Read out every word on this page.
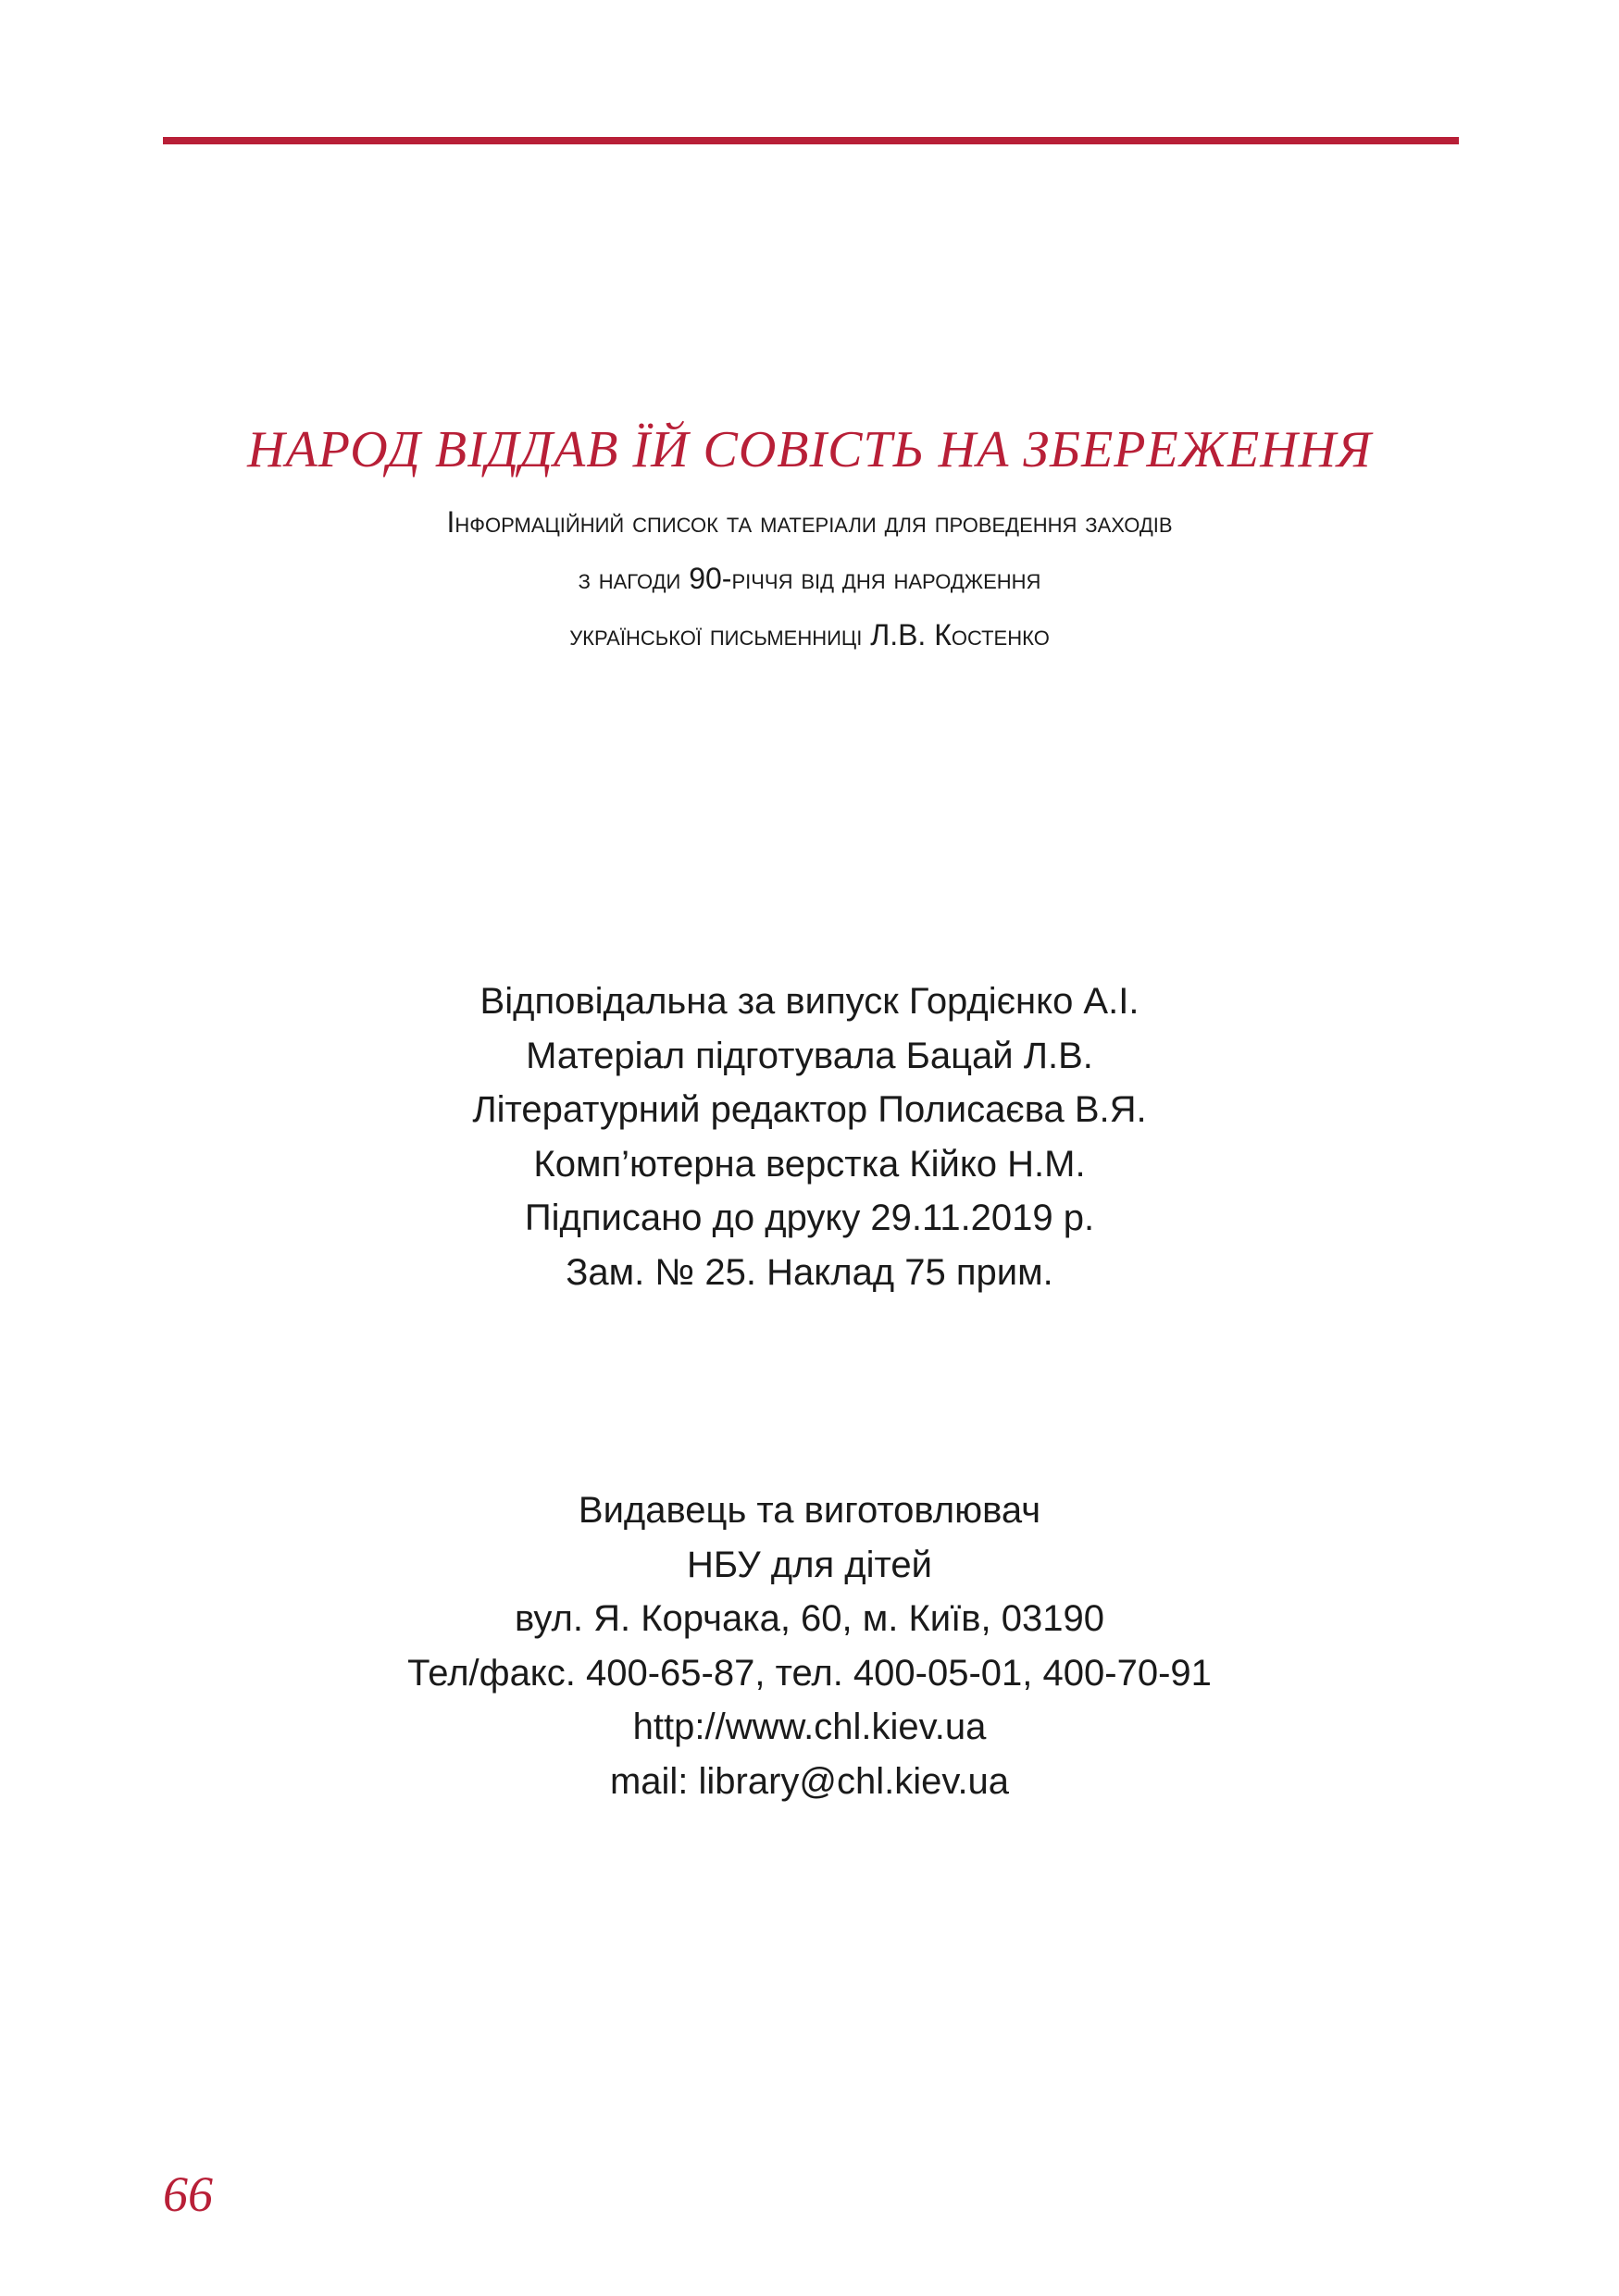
НАРОД ВІДДАВ ЇЙ СОВІСТЬ НА ЗБЕРЕЖЕННЯ
Інформаційний список та матеріали для проведення заходів
з нагоди 90-річчя від дня народження
української письменниці Л.В. Костенко
Відповідальна за випуск Гордієнко А.І.
Матеріал підготувала Бацай Л.В.
Літературний редактор Полисаєва В.Я.
Комп’ютерна верстка Кійко Н.М.
Підписано до друку 29.11.2019 р.
Зам. № 25. Наклад 75 прим.
Видавець та виготовлювач
НБУ для дітей
вул. Я. Корчака, 60, м. Київ, 03190
Тел/факс. 400-65-87, тел. 400-05-01, 400-70-91
http://www.chl.kiev.ua
mail: library@chl.kiev.ua
66
